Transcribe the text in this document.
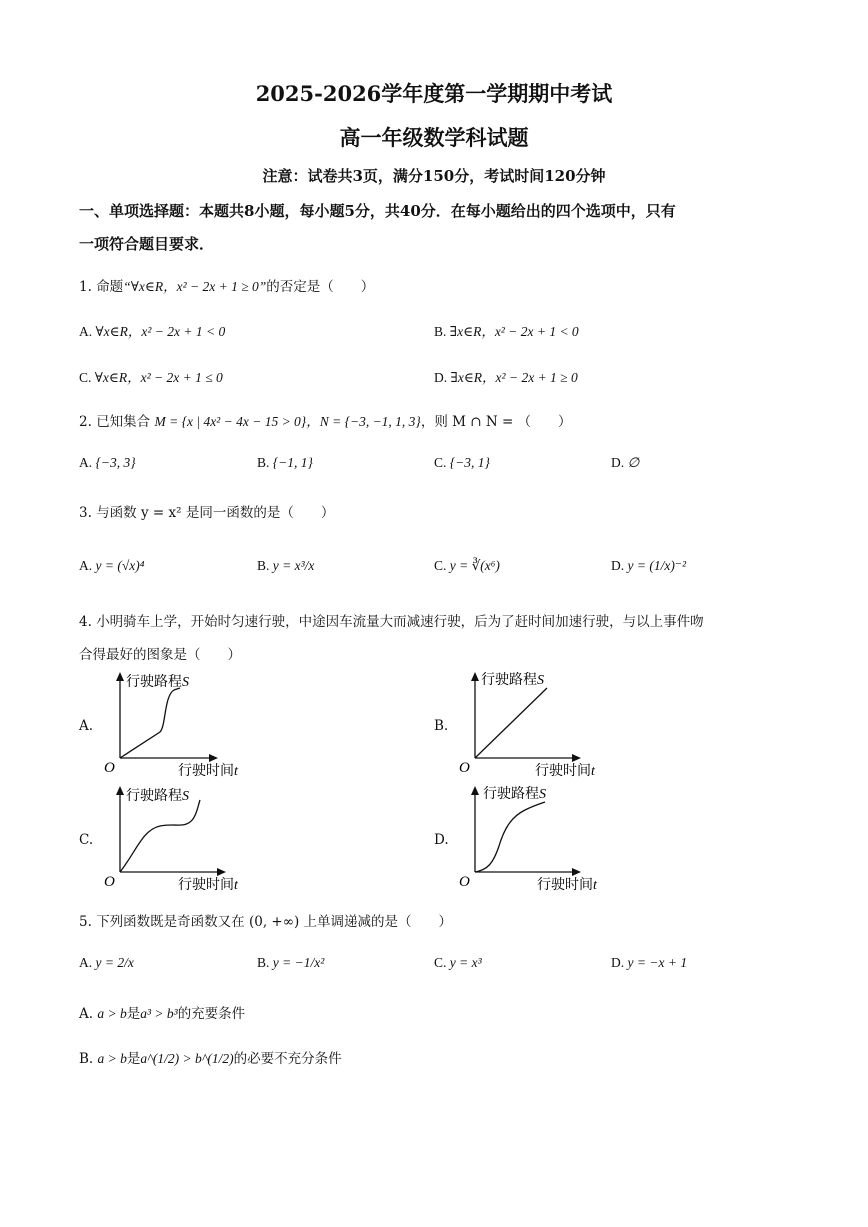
2025-2026学年度第一学期期中考试
高一年级数学科试题
注意：试卷共3页，满分150分，考试时间120分钟
一、单项选择题：本题共8小题，每小题5分，共40分．在每小题给出的四个选项中，只有
一项符合题目要求．
1. 命题“∀x∈R，x² − 2x + 1 ≥ 0”的否定是（　　）
A. ∀x∈R，x² − 2x + 1 < 0	B. ∃x∈R，x² − 2x + 1 < 0
C. ∀x∈R，x² − 2x + 1 ≤ 0	D. ∃x∈R，x² − 2x + 1 ≥ 0
2. 已知集合 M = {x | 4x² − 4x − 15 > 0}，N = {−3, −1, 1, 3}，则 M ∩ N = （　　）
A. {−3, 3}	B. {−1, 1}	C. {−3, 1}	D. ∅
3. 与函数 y = x² 是同一函数的是（　　）
A. y = (√x)⁴	B. y = x³/x	C. y = ∛(x⁶)	D. y = (1/x)⁻²
4. 小明骑车上学，开始时匀速行驶，中途因车流量大而减速行驶，后为了赶时间加速行驶，与以上事件吻
合得最好的图象是（　　）
A.
行驶路程S
行驶时间t
O
B.
行驶路程S
行驶时间t
O
C.
行驶路程S
行驶时间t
O
D.
行驶路程S
行驶时间t
O
5. 下列函数既是奇函数又在 (0, +∞) 上单调递减的是（　　）
A. y = 2/x	B. y = −1/x²	C. y = x³	D. y = −x + 1
A. a > b是a³ > b³的充要条件
B. a > b是a^(1/2) > b^(1/2)的必要不充分条件
